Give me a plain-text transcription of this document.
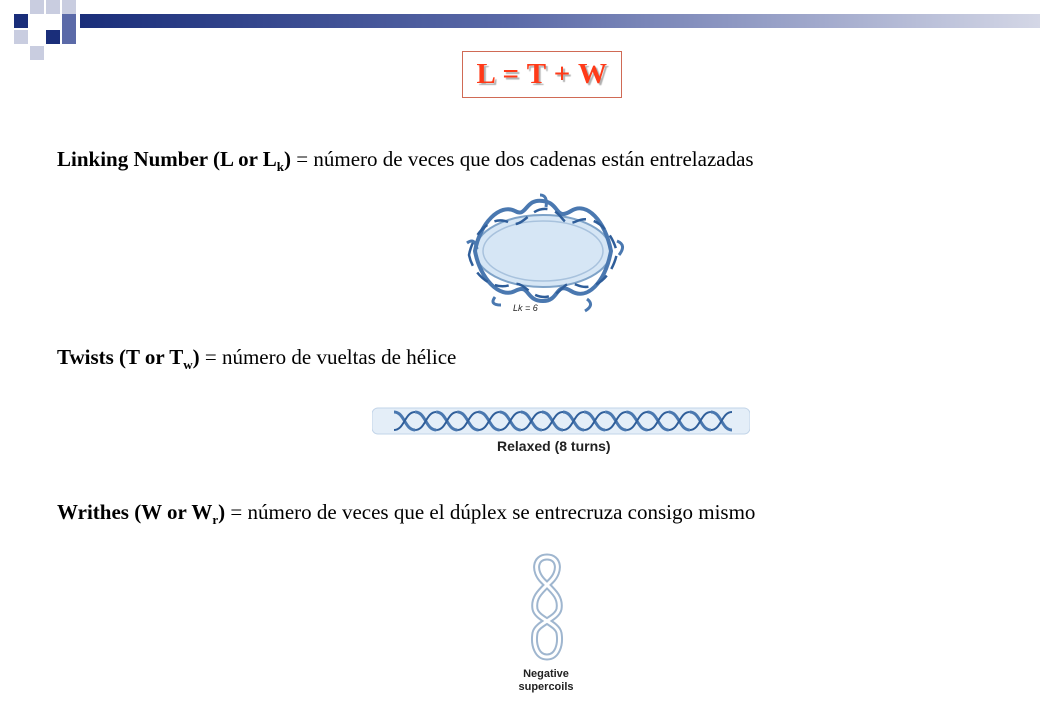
L = T + W
Linking Number (L or $L_k$) = número de veces que dos cadenas están entrelazadas
Lk = 6
Twists (T or $T_w$) = número de vueltas de hélice
Relaxed (8 turns)
Writhes (W or $W_r$) = número de veces que el dúplex se entrecruza consigo mismo
Negative
supercoils
